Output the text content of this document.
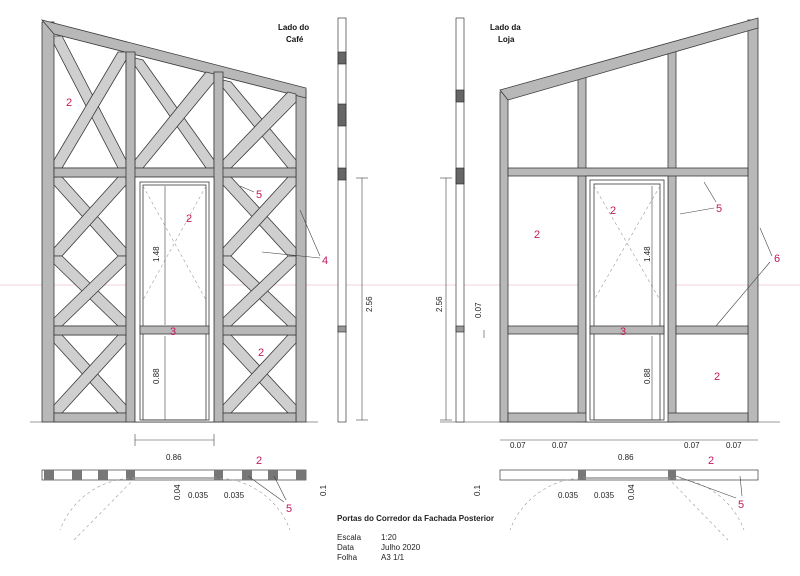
1.48
0.88
2
2
2
3
5
4
2.56
Lado do
Café
1.48
0.88
2
2
2
3
5
6
2.56	0.07
Lado da
Loja
0.86
0.07	0.07	0.07	0.07
0.86
0.04 0.035 0.035	0.1
2
5
0.1	0.035 0.035 0.04
2
5
Portas do Corredor da Fachada Posterior
Escala 1:20
Data	Julho 2020
Folha	A3 1/1
